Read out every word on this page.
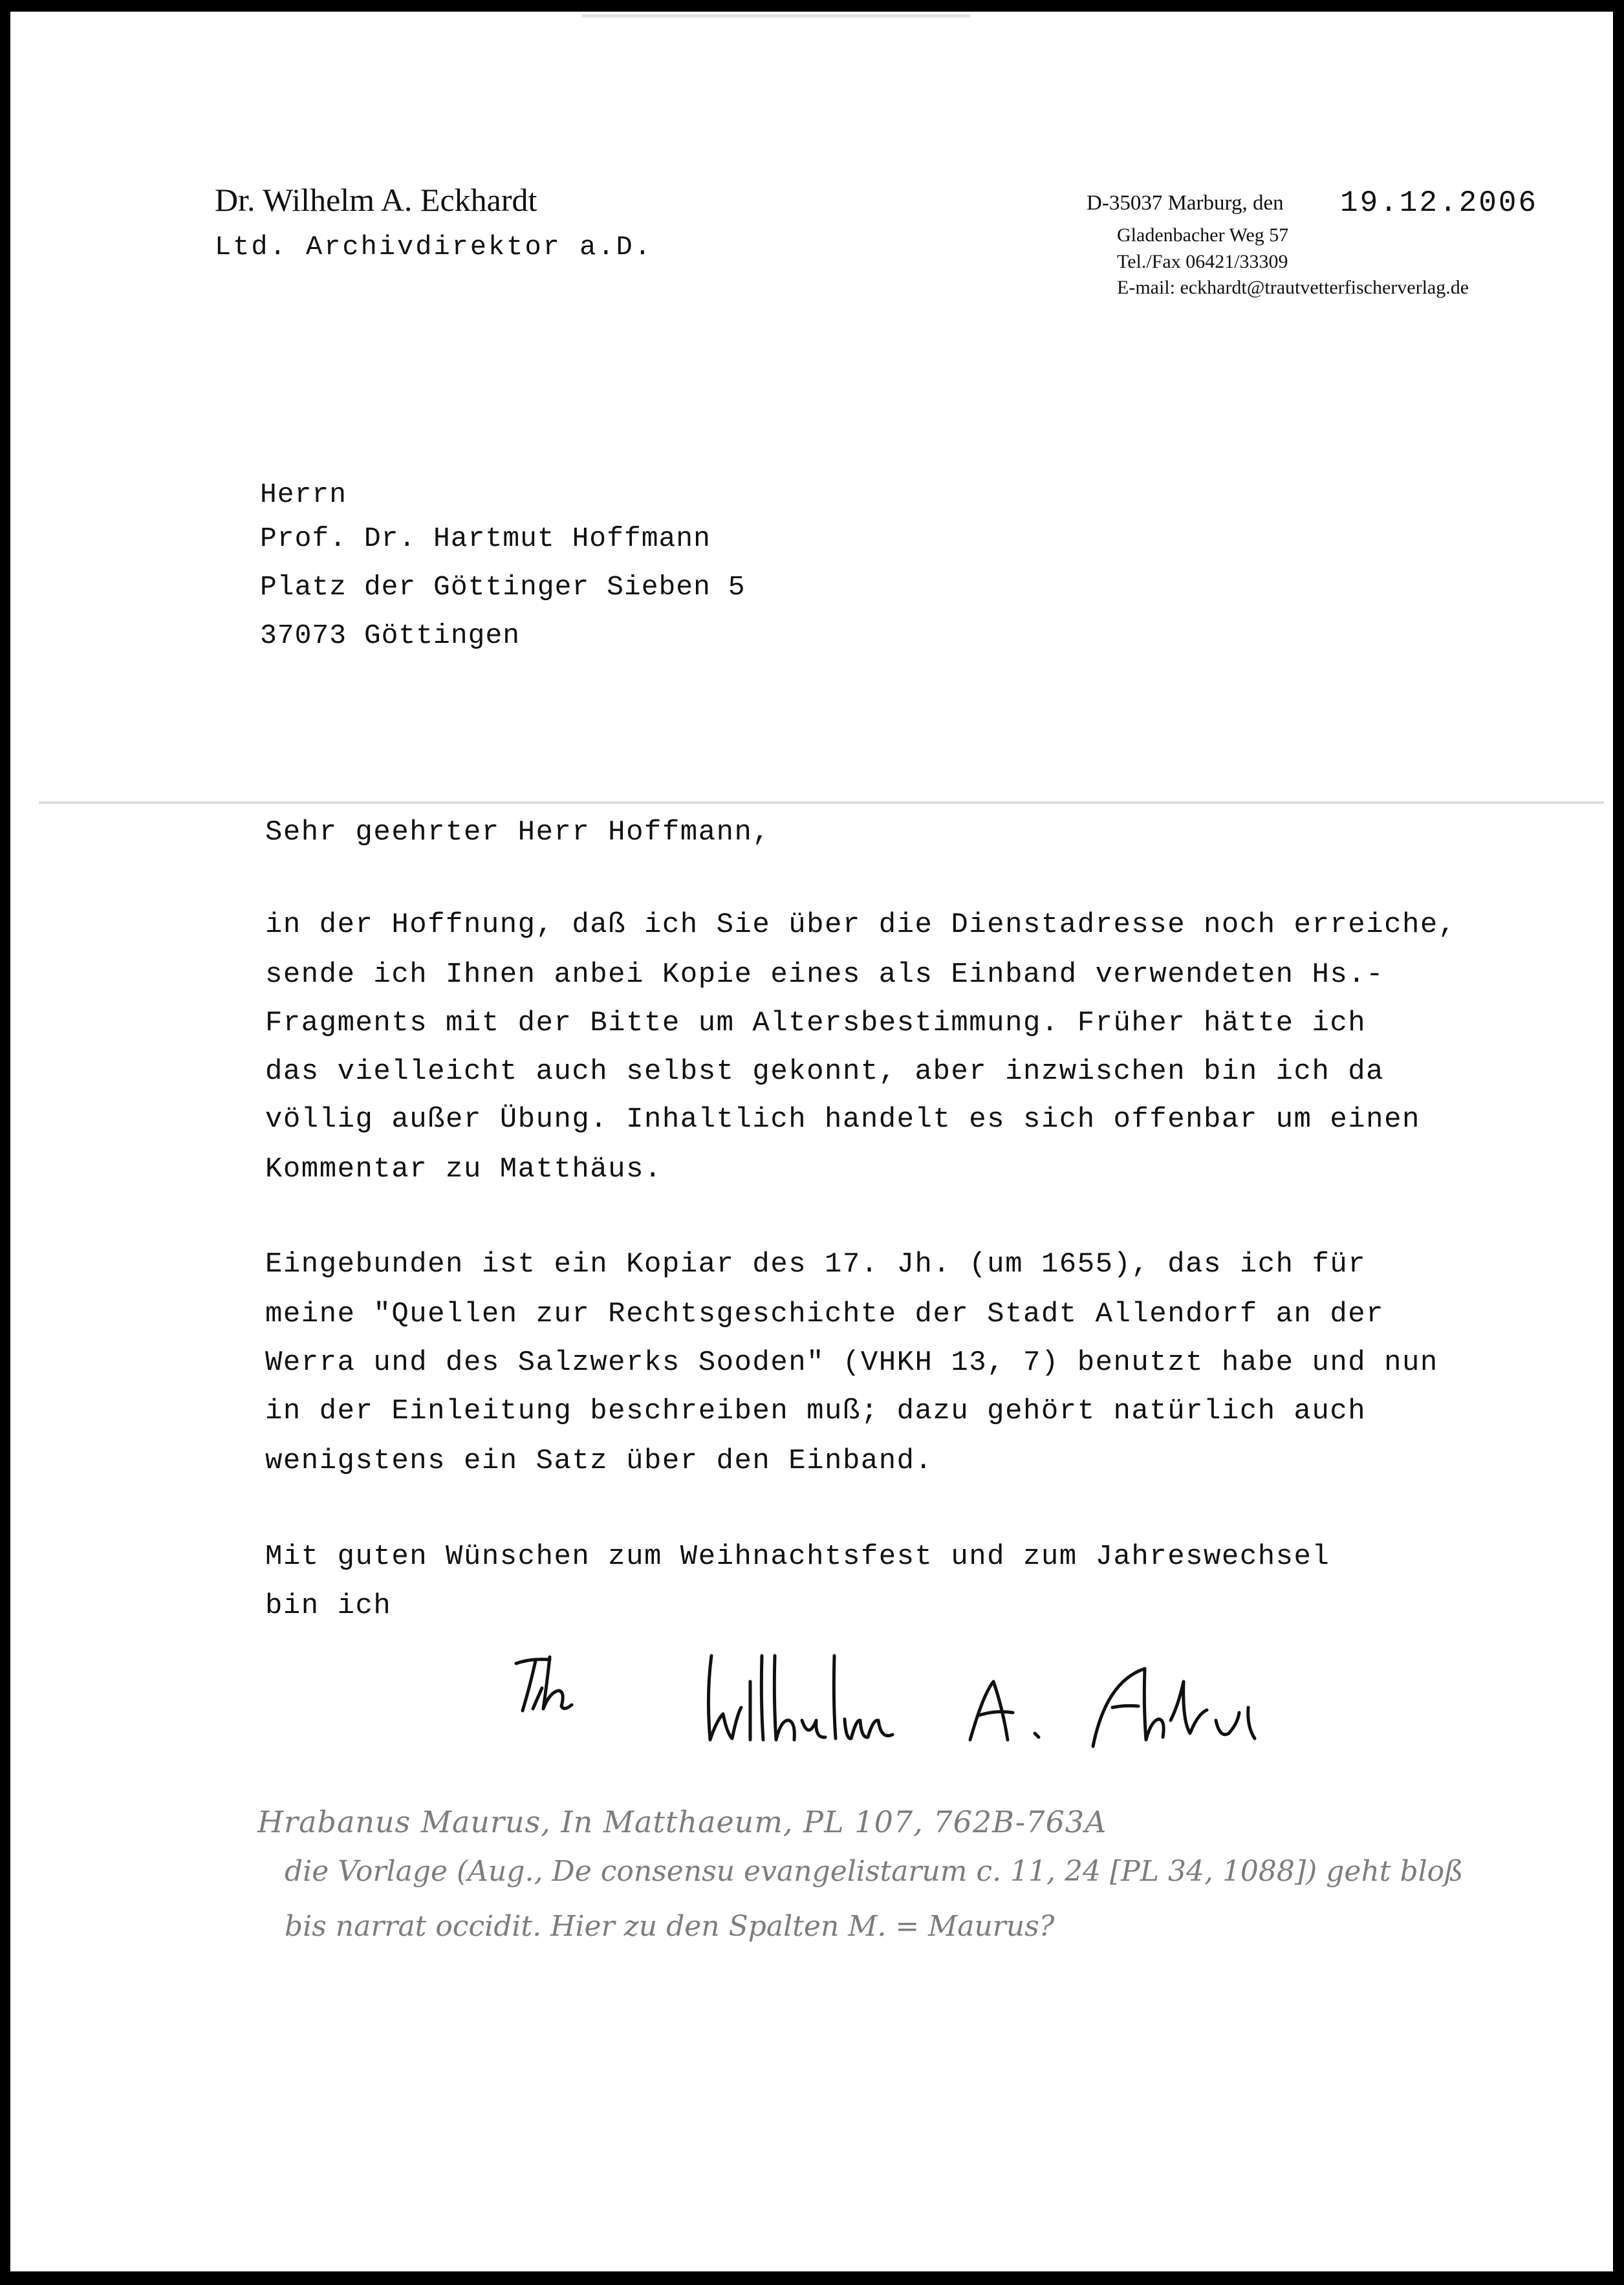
Dr. Wilhelm A. Eckhardt
Ltd. Archivdirektor a.D.
D-35037 Marburg, den 19.12.2006
Gladenbacher Weg 57
Tel./Fax 06421/33309
E-mail: eckhardt@trautvetterfischerverlag.de
Herrn
Prof. Dr. Hartmut Hoffmann
Platz der Göttinger Sieben 5
37073 Göttingen
Sehr geehrter Herr Hoffmann,
in der Hoffnung, daß ich Sie über die Dienstadresse noch erreiche,
sende ich Ihnen anbei Kopie eines als Einband verwendeten Hs.-
Fragments mit der Bitte um Altersbestimmung. Früher hätte ich
das vielleicht auch selbst gekonnt, aber inzwischen bin ich da
völlig außer Übung. Inhaltlich handelt es sich offenbar um einen
Kommentar zu Matthäus.
Eingebunden ist ein Kopiar des 17. Jh. (um 1655), das ich für
meine "Quellen zur Rechtsgeschichte der Stadt Allendorf an der
Werra und des Salzwerks Sooden" (VHKH 13, 7) benutzt habe und nun
in der Einleitung beschreiben muß; dazu gehört natürlich auch
wenigstens ein Satz über den Einband.
Mit guten Wünschen zum Weihnachtsfest und zum Jahreswechsel
bin ich
Hrabanus Maurus, In Matthaeum, PL 107, 762B-763A
die Vorlage (Aug., De consensu evangelistarum c. 11, 24 [PL 34, 1088]) geht bloß
bis narrat occidit. Hier zu den Spalten M. = Maurus?
